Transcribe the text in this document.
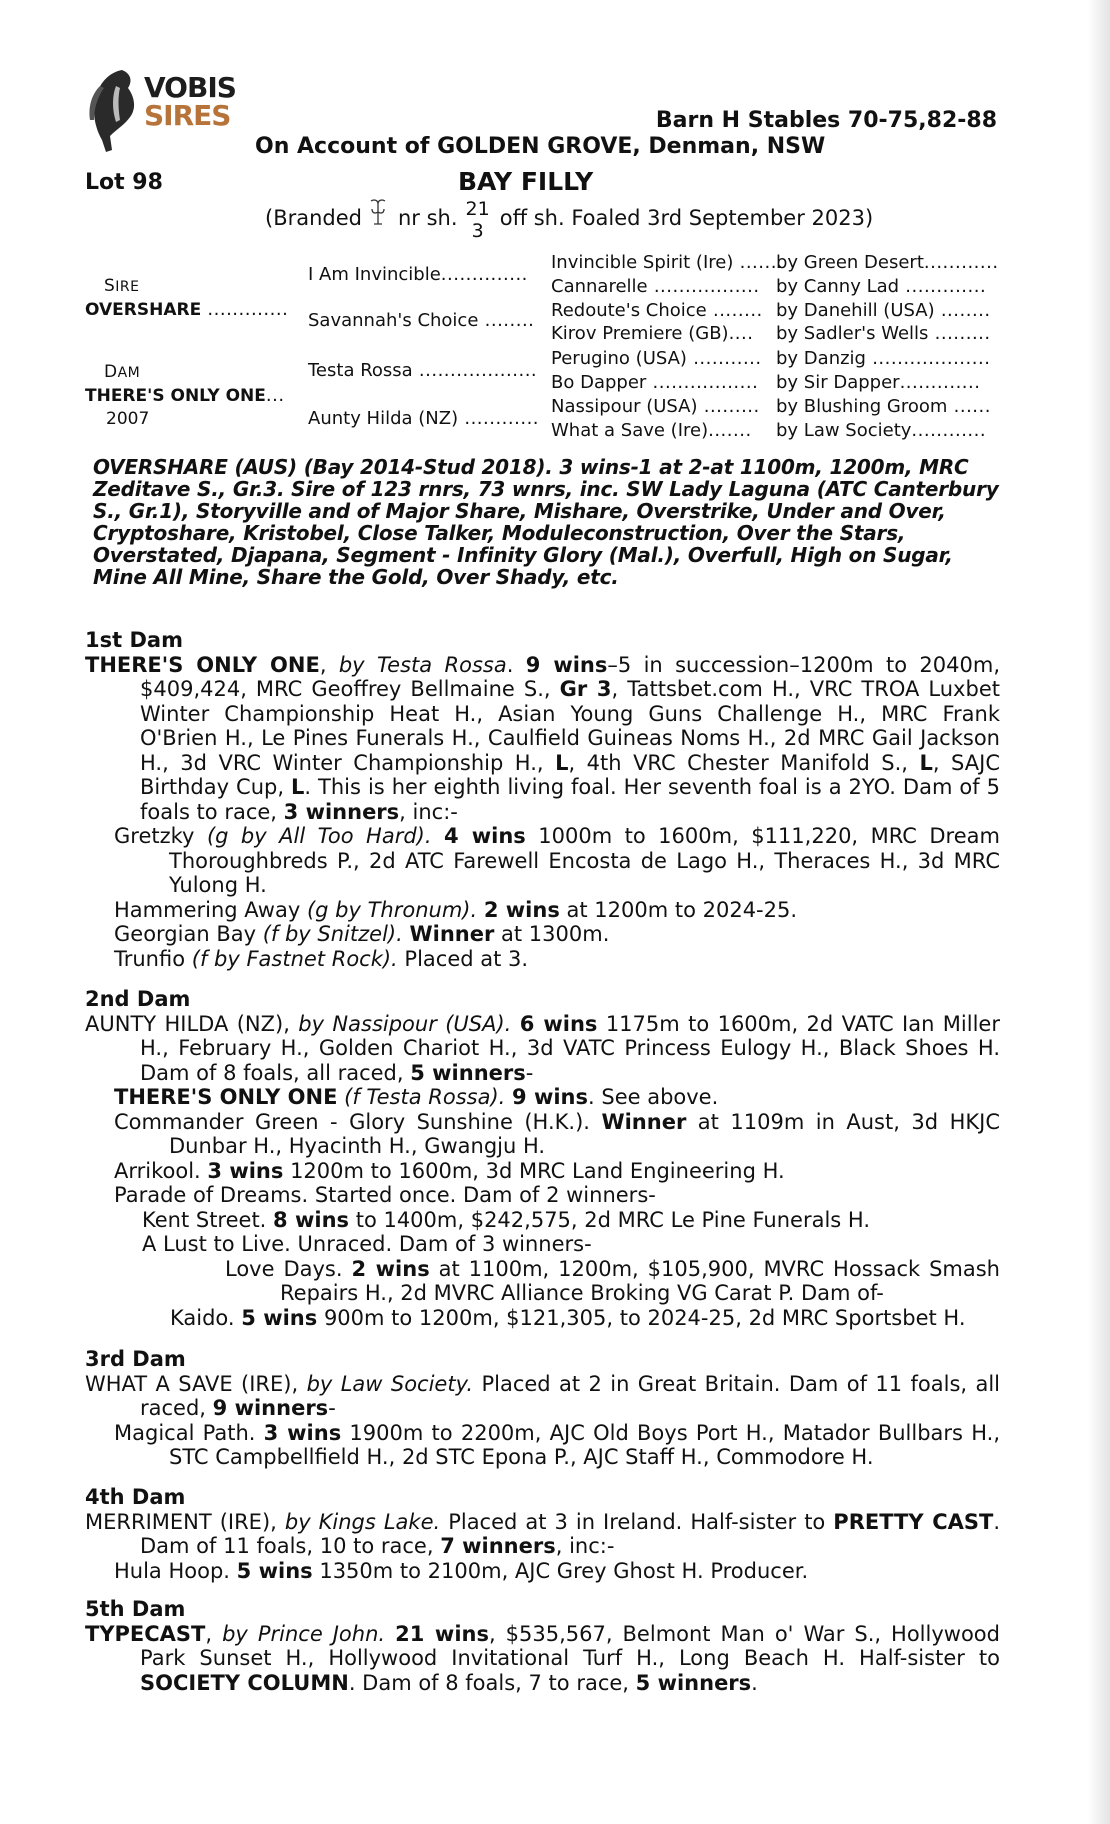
VOBIS
SIRES	Barn H Stables 70-75,82-88
On Account of GOLDEN GROVE, Denman, NSW
Lot 98	BAY FILLY
(Branded nr sh. 21
3
off sh. Foaled 3rd September 2023)
SIRE
OVERSHARE .............
DAM
THERE'S ONLY ONE...
2007
I Am Invincible..............
Savannah's Choice ........
Testa Rossa ...................
Aunty Hilda (NZ) ............
Invincible Spirit (Ire) .......
Cannarelle .................
Redoute's Choice ........
Kirov Premiere (GB)....
Perugino (USA) ...........
Bo Dapper .................
Nassipour (USA) .........
What a Save (Ire).......
by Green Desert............
by Canny Lad .............
by Danehill (USA) ........
by Sadler's Wells .........
by Danzig ...................
by Sir Dapper.............
by Blushing Groom ......
by Law Society............
OVERSHARE (AUS) (Bay 2014-Stud 2018). 3 wins-1 at 2-at 1100m, 1200m, MRC Zeditave S., Gr.3. Sire of 123 rnrs, 73 wnrs, inc. SW Lady Laguna (ATC Canterbury S., Gr.1), Storyville and of Major Share, Mishare, Overstrike, Under and Over, Cryptoshare, Kristobel, Close Talker, Moduleconstruction, Over the Stars, Overstated, Djapana, Segment - Infinity Glory (Mal.), Overfull, High on Sugar, Mine All Mine, Share the Gold, Over Shady, etc.
1st Dam

THERE'S ONLY ONE, by Testa Rossa. 9 wins–5 in succession–1200m to 2040m, $409,424, MRC Geoffrey Bellmaine S., Gr 3, Tattsbet.com H., VRC TROA Luxbet Winter Championship Heat H., Asian Young Guns Challenge H., MRC Frank O'Brien H., Le Pines Funerals H., Caulfield Guineas Noms H., 2d MRC Gail Jackson H., 3d VRC Winter Championship H., L, 4th VRC Chester Manifold S., L, SAJC Birthday Cup, L. This is her eighth living foal. Her seventh foal is a 2YO. Dam of 5 foals to race, 3 winners, inc:-

Gretzky (g by All Too Hard). 4 wins 1000m to 1600m, $111,220, MRC Dream Thoroughbreds P., 2d ATC Farewell Encosta de Lago H., Theraces H., 3d MRC Yulong H.

Hammering Away (g by Thronum). 2 wins at 1200m to 2024-25.

Georgian Bay (f by Snitzel). Winner at 1300m.

Trunfio (f by Fastnet Rock). Placed at 3.

2nd Dam

AUNTY HILDA (NZ), by Nassipour (USA). 6 wins 1175m to 1600m, 2d VATC Ian Miller H., February H., Golden Chariot H., 3d VATC Princess Eulogy H., Black Shoes H. Dam of 8 foals, all raced, 5 winners-

THERE'S ONLY ONE (f Testa Rossa). 9 wins. See above.

Commander Green - Glory Sunshine (H.K.). Winner at 1109m in Aust, 3d HKJC Dunbar H., Hyacinth H., Gwangju H.

Arrikool. 3 wins 1200m to 1600m, 3d MRC Land Engineering H.

Parade of Dreams. Started once. Dam of 2 winners-

Kent Street. 8 wins to 1400m, $242,575, 2d MRC Le Pine Funerals H.

A Lust to Live. Unraced. Dam of 3 winners-

Love Days. 2 wins at 1100m, 1200m, $105,900, MVRC Hossack Smash Repairs H., 2d MVRC Alliance Broking VG Carat P. Dam of-

Kaido. 5 wins 900m to 1200m, $121,305, to 2024-25, 2d MRC Sportsbet H.

3rd Dam

WHAT A SAVE (IRE), by Law Society. Placed at 2 in Great Britain. Dam of 11 foals, all raced, 9 winners-

Magical Path. 3 wins 1900m to 2200m, AJC Old Boys Port H., Matador Bullbars H., STC Campbellfield H., 2d STC Epona P., AJC Staff H., Commodore H.

4th Dam

MERRIMENT (IRE), by Kings Lake. Placed at 3 in Ireland. Half-sister to PRETTY CAST. Dam of 11 foals, 10 to race, 7 winners, inc:-

Hula Hoop. 5 wins 1350m to 2100m, AJC Grey Ghost H. Producer.

5th Dam

TYPECAST, by Prince John. 21 wins, $535,567, Belmont Man o' War S., Hollywood Park Sunset H., Hollywood Invitational Turf H., Long Beach H. Half-sister to SOCIETY COLUMN. Dam of 8 foals, 7 to race, 5 winners.
